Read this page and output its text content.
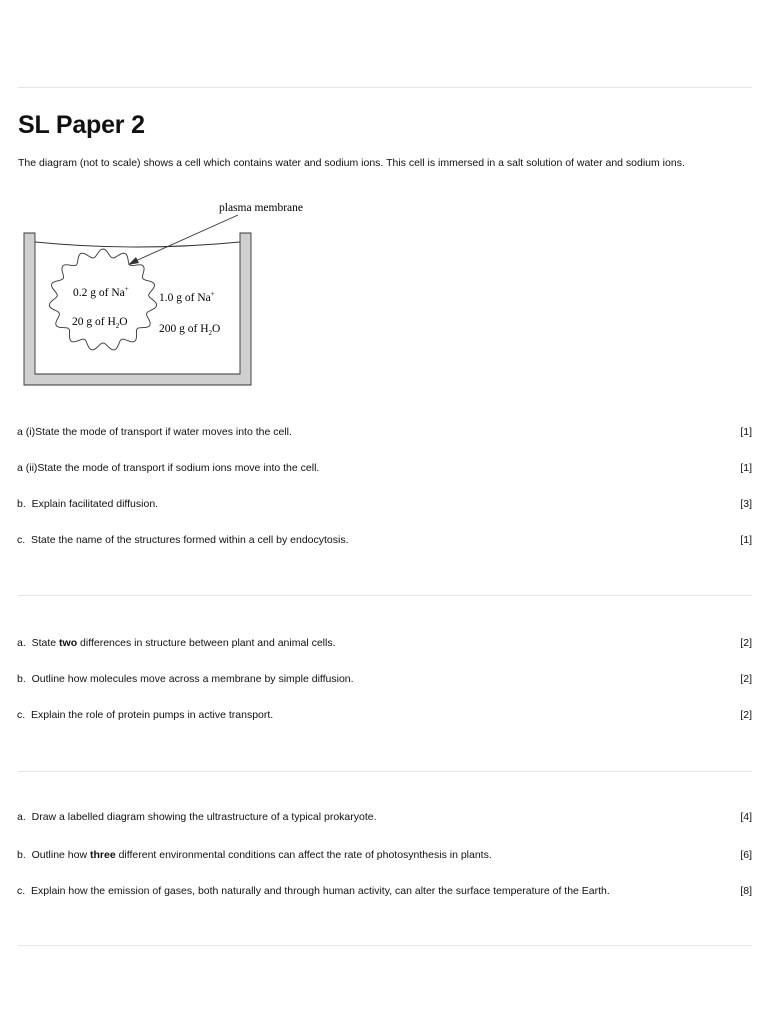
SL Paper 2
The diagram (not to scale) shows a cell which contains water and sodium ions. This cell is immersed in a salt solution of water and sodium ions.
plasma membrane
0.2 g of Na+
20 g of $H_2O$
1.0 g of Na+
200 g of $H_2O$
a (i)State the mode of transport if water moves into the cell.	[1]
a (ii)State the mode of transport if sodium ions move into the cell.	[1]
b. Explain facilitated diffusion.	[3]
c. State the name of the structures formed within a cell by endocytosis.	[1]
a. State two differences in structure between plant and animal cells.	[2]
b. Outline how molecules move across a membrane by simple diffusion.	[2]
c. Explain the role of protein pumps in active transport.	[2]
a. Draw a labelled diagram showing the ultrastructure of a typical prokaryote.	[4]
b. Outline how three different environmental conditions can affect the rate of photosynthesis in plants.	[6]
c. Explain how the emission of gases, both naturally and through human activity, can alter the surface temperature of the Earth.	[8]
